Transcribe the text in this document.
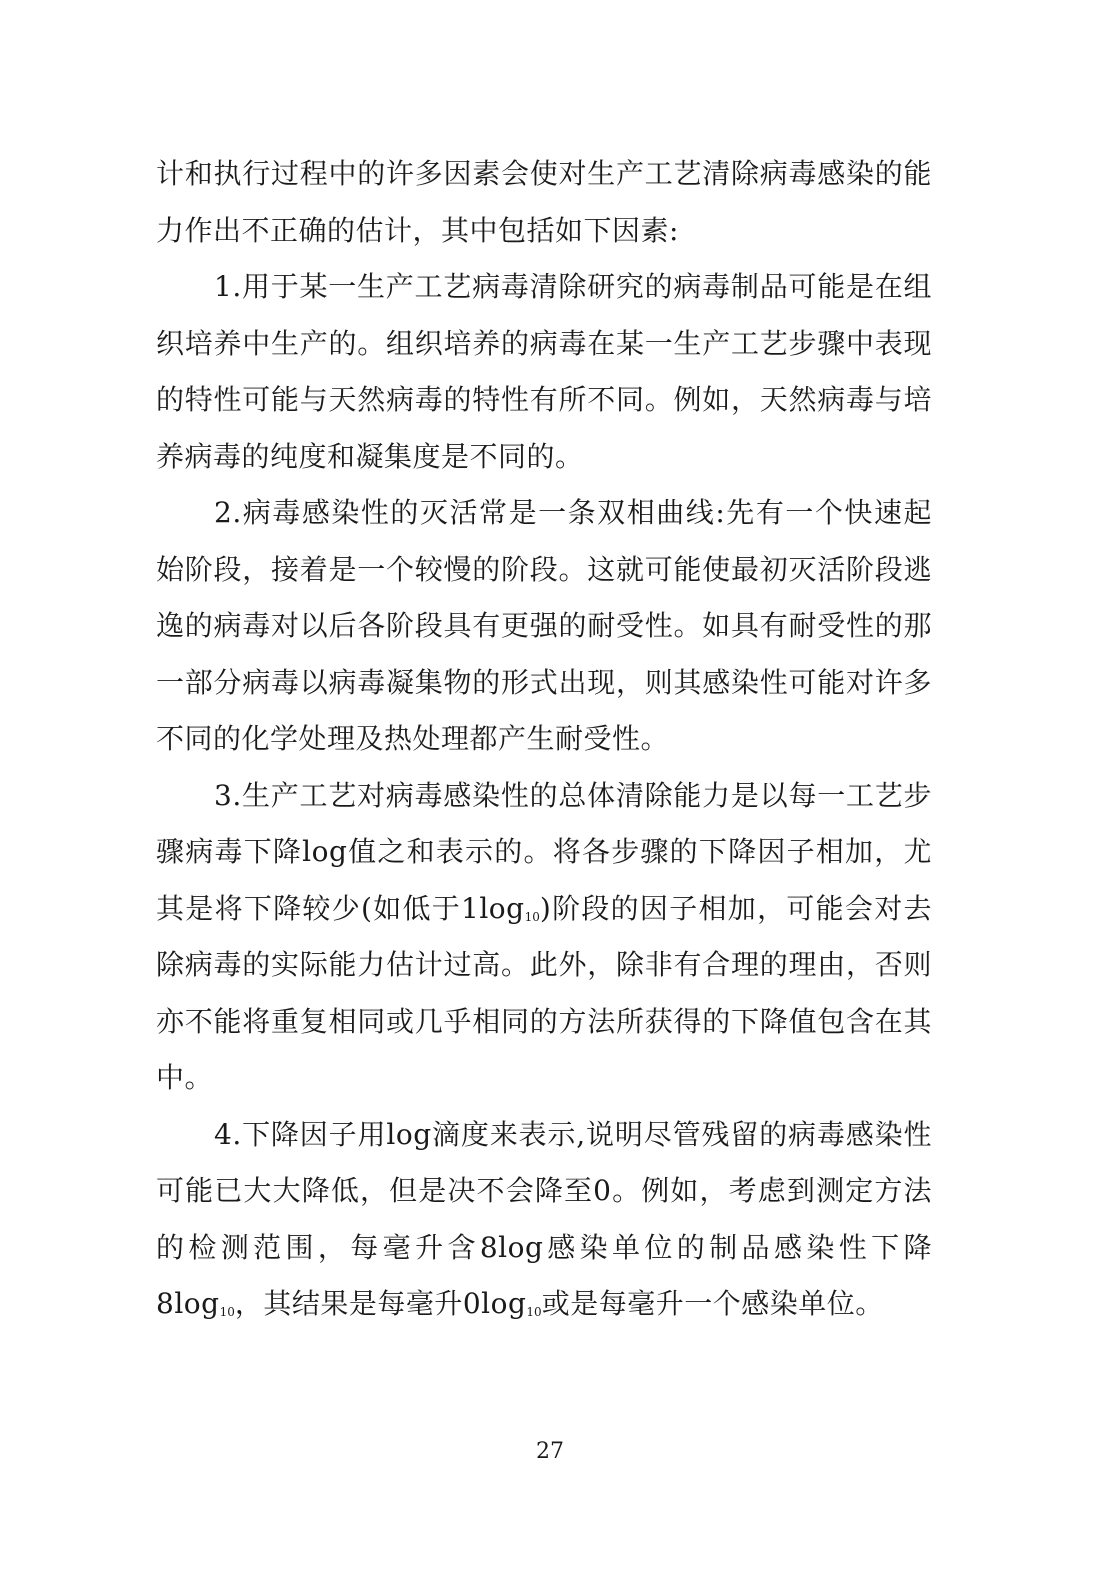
计和执行过程中的许多因素会使对生产工艺清除病毒感染的能力作出不正确的估计，其中包括如下因素:

1.用于某一生产工艺病毒清除研究的病毒制品可能是在组织培养中生产的。组织培养的病毒在某一生产工艺步骤中表现的特性可能与天然病毒的特性有所不同。例如，天然病毒与培养病毒的纯度和凝集度是不同的。

2.病毒感染性的灭活常是一条双相曲线:先有一个快速起始阶段，接着是一个较慢的阶段。这就可能使最初灭活阶段逃逸的病毒对以后各阶段具有更强的耐受性。如具有耐受性的那一部分病毒以病毒凝集物的形式出现，则其感染性可能对许多不同的化学处理及热处理都产生耐受性。

3.生产工艺对病毒感染性的总体清除能力是以每一工艺步骤病毒下降log值之和表示的。将各步骤的下降因子相加，尤其是将下降较少(如低于$1\log_{10}$)阶段的因子相加，可能会对去除病毒的实际能力估计过高。此外，除非有合理的理由，否则亦不能将重复相同或几乎相同的方法所获得的下降值包含在其中。

4.下降因子用log滴度来表示,说明尽管残留的病毒感染性可能已大大降低，但是决不会降至0。例如，考虑到测定方法的检测范围，每毫升含8log感染单位的制品感染性下降$8\log_{10}$，其结果是每毫升$0\log_{10}$或是每毫升一个感染单位。

27
